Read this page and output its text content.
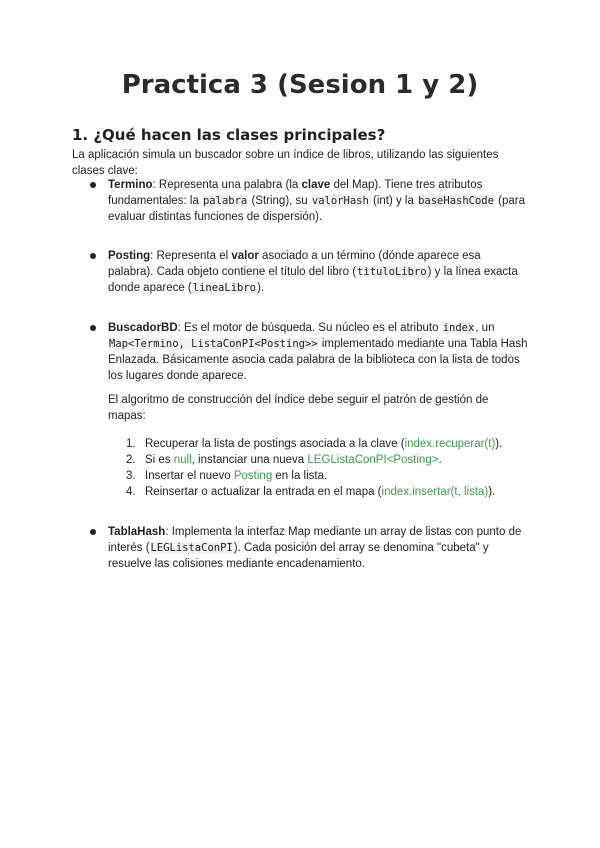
Practica 3 (Sesion 1 y 2)
1. ¿Qué hacen las clases principales?

La aplicación simula un buscador sobre un índice de libros, utilizando las siguientes clases clave:

Termino: Representa una palabra (la clave del Map). Tiene tres atributos fundamentales: la palabra (String), su valorHash (int) y la baseHashCode (para evaluar distintas funciones de dispersión).

Posting: Representa el valor asociado a un término (dónde aparece esa palabra). Cada objeto contiene el título del libro (tituloLibro) y la línea exacta donde aparece (lineaLibro).

BuscadorBD: Es el motor de búsqueda. Su núcleo es el atributo index, un Map<Termino, ListaConPI<Posting>> implementado mediante una Tabla Hash Enlazada. Básicamente asocia cada palabra de la biblioteca con la lista de todos los lugares donde aparece.

El algoritmo de construcción del índice debe seguir el patrón de gestión de mapas:

1. Recuperar la lista de postings asociada a la clave (index.recuperar(t)).
2. Si es null, instanciar una nueva LEGListaConPI<Posting>.
3. Insertar el nuevo Posting en la lista.
4. Reinsertar o actualizar la entrada en el mapa (index.insertar(t, lista)).

TablaHash: Implementa la interfaz Map mediante un array de listas con punto de interés (LEGListaConPI). Cada posición del array se denomina "cubeta" y resuelve las colisiones mediante encadenamiento.
